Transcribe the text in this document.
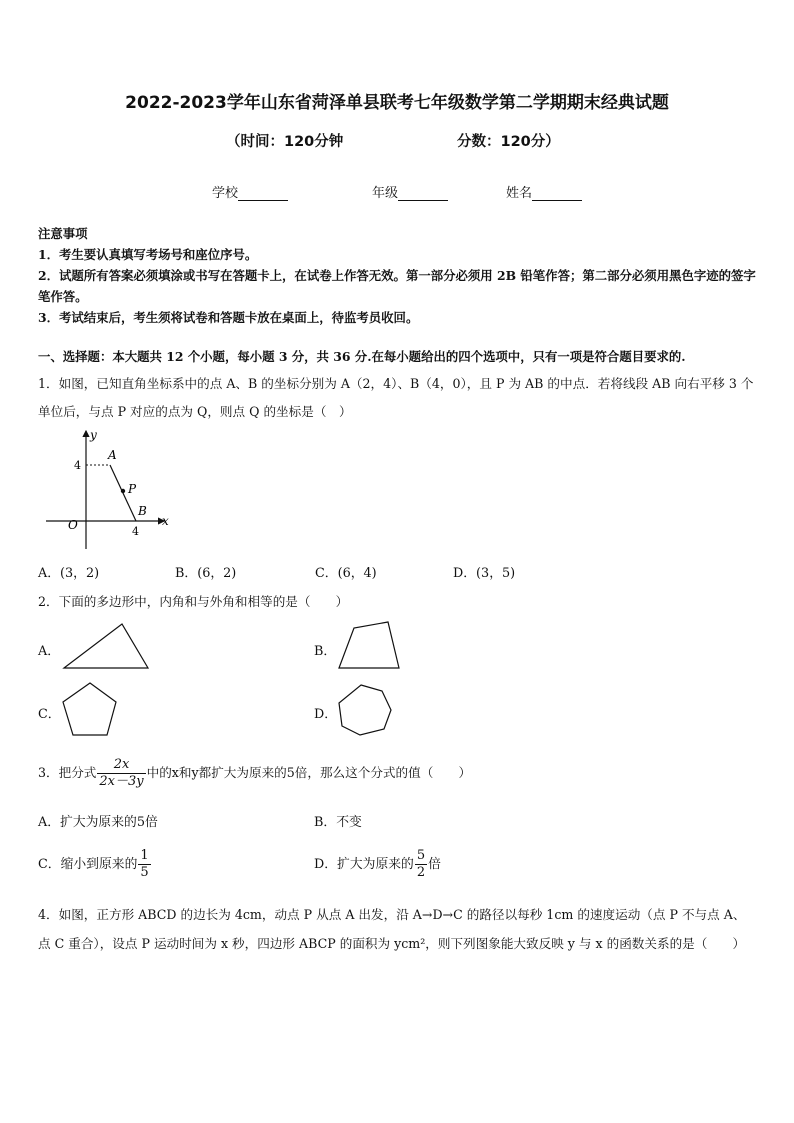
2022-2023学年山东省菏泽单县联考七年级数学第二学期期末经典试题
（时间：120分钟	分数：120分）
学校	年级	姓名
注意事项
1．考生要认真填写考场号和座位序号。
2．试题所有答案必须填涂或书写在答题卡上，在试卷上作答无效。第一部分必须用 2B 铅笔作答；第二部分必须用黑色字迹的签字笔作答。
3．考试结束后，考生须将试卷和答题卡放在桌面上，待监考员收回。
一、选择题：本大题共 12 个小题，每小题 3 分，共 36 分.在每小题给出的四个选项中，只有一项是符合题目要求的.
1．如图，已知直角坐标系中的点 A、B 的坐标分别为 A（2，4）、B（4，0），且 P 为 AB 的中点．若将线段 AB 向右平移 3 个单位后，与点 P 对应的点为 Q，则点 Q 的坐标是（　）
y
x
O
A
B
P
4
4
A．(3，2)	B．(6，2)	C．(6，4)	D．(3，5)
2．下面的多边形中，内角和与外角和相等的是（　　）
A．	B．
C．	D．
3．把分式 $\frac{2x}{2x-3y}$ 中的x和y都扩大为原来的5倍，那么这个分式的值（　　）
A．扩大为原来的5倍	B．不变
C．缩小到原来的 $\frac{1}{5}$	D．扩大为原来的 $\frac{5}{2}$ 倍
4．如图，正方形 ABCD 的边长为 4cm，动点 P 从点 A 出发，沿 A→D→C 的路径以每秒 1cm 的速度运动（点 P 不与点 A、点 C 重合），设点 P 运动时间为 x 秒，四边形 ABCP 的面积为 ycm²，则下列图象能大致反映 y 与 x 的函数关系的是（　　）
